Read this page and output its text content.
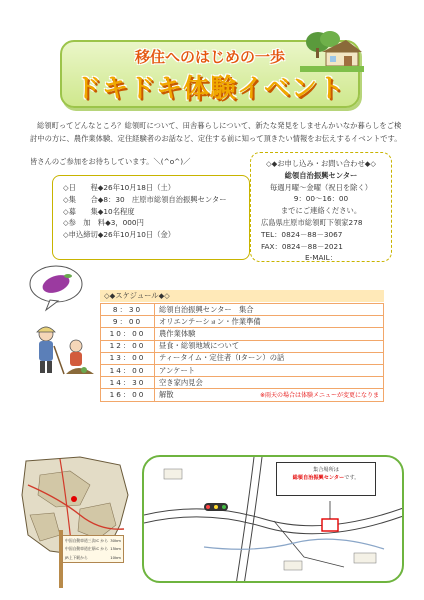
移住へのはじめの一歩
ドキドキ体験イベント

総領町ってどんなところ？総領町について、田舎暮らしについて、新たな発見をしませんかいなか暮らしをご検討中の方に、農作業体験、定住経験者のお話など、定住する前に知って頂きたい情報をお伝えするイベントです。

皆さんのご参加をお待ちしています。＼(^o^)／
◇日　　程◆26年10月18日（土）
◇集　　合◆8：30　庄原市総領自治振興センター
◇募　　集◆10名程度
◇参　加　料◆3，000円
◇申込締切◆26年10月10日（金）
◇◆お申し込み・お問い合わせ◆◇
総領自治振興センター
毎週月曜～金曜（祝日を除く）
9：00～16：00
までにご連絡ください。
広島県庄原市総領町下領家278
TEL：0824－88－3067
FAX：0824－88－2021
E-MAIL：
◇◆スケジュール◆◇
8：30	総領自治振興センター　集合
9：00	オリエンテーション・作業準備
10：00	農作業体験
12：00	昼食・総領地域について
13：00	ティータイム・定住者（Iターン）の話
14：00	アンケート
14：30	空き家内見会
16：00	解散 ※雨天の場合は体験メニューが変更になりま
中国自動車道三次IC から 30km
中国自動車道庄原IC から 15km
JR上下駅から	10km
集合場所は
総領自治振興センターです。
